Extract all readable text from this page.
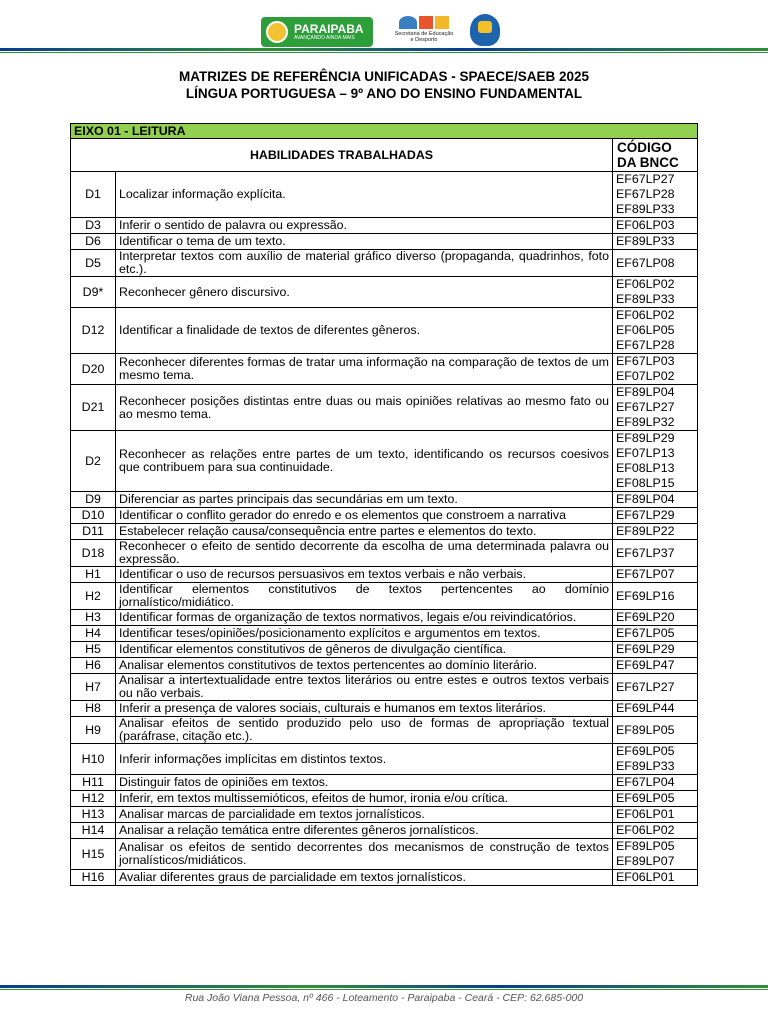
PARAIPABA
AVANÇANDO AINDA MAIS
Secretaria de Educação e Desporto
MATRIZES DE REFERÊNCIA UNIFICADAS - SPAECE/SAEB 2025
LÍNGUA PORTUGUESA – 9º ANO DO ENSINO FUNDAMENTAL
EIXO 01 - LEITURA		
HABILIDADES TRABALHADAS		CÓDIGO DA BNCC
D1	Localizar informação explícita.	EF67LP27
EF67LP28
EF89LP33

D3	Inferir o sentido de palavra ou expressão.	EF06LP03

D6	Identificar o tema de um texto.	EF89LP33

D5	Interpretar textos com auxílio de material gráfico diverso (propaganda, quadrinhos, foto etc.).	EF67LP08

D9*	Reconhecer gênero discursivo.	EF06LP02
EF89LP33

D12	Identificar a finalidade de textos de diferentes gêneros.	EF06LP02
EF06LP05
EF67LP28

D20	Reconhecer diferentes formas de tratar uma informação na comparação de textos de um mesmo tema.	EF67LP03
EF07LP02

D21	Reconhecer posições distintas entre duas ou mais opiniões relativas ao mesmo fato ou ao mesmo tema.	EF89LP04
EF67LP27
EF89LP32

D2	Reconhecer as relações entre partes de um texto, identificando os recursos coesivos que contribuem para sua continuidade.	EF89LP29
EF07LP13
EF08LP13
EF08LP15

D9	Diferenciar as partes principais das secundárias em um texto.	EF89LP04

D10	Identificar o conflito gerador do enredo e os elementos que constroem a narrativa	EF67LP29

D11	Estabelecer relação causa/consequência entre partes e elementos do texto.	EF89LP22

D18	Reconhecer o efeito de sentido decorrente da escolha de uma determinada palavra ou expressão.	EF67LP37

H1	Identificar o uso de recursos persuasivos em textos verbais e não verbais.	EF67LP07

H2	Identificar elementos constitutivos de textos pertencentes ao domínio jornalístico/midiático.	EF69LP16

H3	Identificar formas de organização de textos normativos, legais e/ou reivindicatórios.	EF69LP20

H4	Identificar teses/opiniões/posicionamento explícitos e argumentos em textos.	EF67LP05

H5	Identificar elementos constitutivos de gêneros de divulgação científica.	EF69LP29

H6	Analisar elementos constitutivos de textos pertencentes ao domínio literário.	EF69LP47

H7	Analisar a intertextualidade entre textos literários ou entre estes e outros textos verbais ou não verbais.	EF67LP27

H8	Inferir a presença de valores sociais, culturais e humanos em textos literários.	EF69LP44

H9	Analisar efeitos de sentido produzido pelo uso de formas de apropriação textual (paráfrase, citação etc.).	EF89LP05

H10	Inferir informações implícitas em distintos textos.	EF69LP05
EF89LP33

H11	Distinguir fatos de opiniões em textos.	EF67LP04

H12	Inferir, em textos multissemióticos, efeitos de humor, ironia e/ou crítica.	EF69LP05

H13	Analisar marcas de parcialidade em textos jornalísticos.	EF06LP01

H14	Analisar a relação temática entre diferentes gêneros jornalísticos.	EF06LP02

H15	Analisar os efeitos de sentido decorrentes dos mecanismos de construção de textos jornalísticos/midiáticos.	EF89LP05
EF89LP07

H16	Avaliar diferentes graus de parcialidade em textos jornalísticos.	EF06LP01
Rua João Viana Pessoa, nº 466 - Loteamento - Paraipaba - Ceará - CEP: 62.685-000
